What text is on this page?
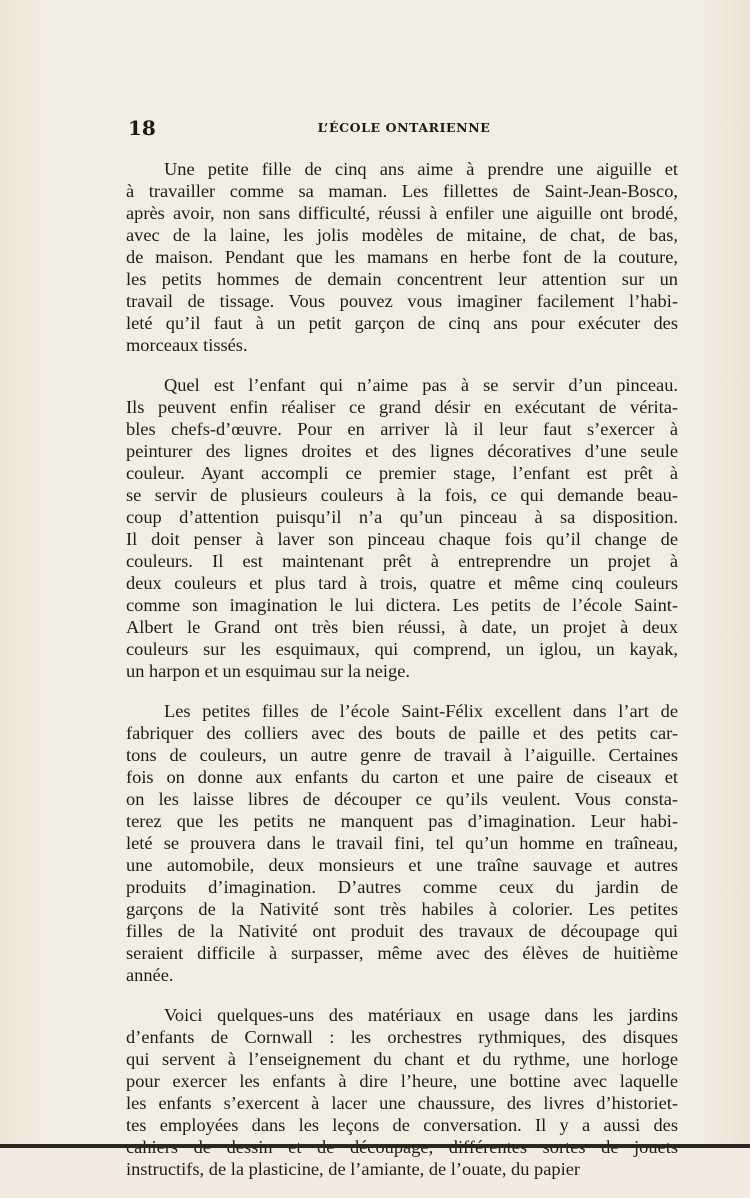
18	L’ÉCOLE ONTARIENNE
Une petite fille de cinq ans aime à prendre une aiguille et
à travailler comme sa maman. Les fillettes de Saint-Jean-Bosco,
après avoir, non sans difficulté, réussi à enfiler une aiguille ont brodé,
avec de la laine, les jolis modèles de mitaine, de chat, de bas,
de maison. Pendant que les mamans en herbe font de la couture,
les petits hommes de demain concentrent leur attention sur un
travail de tissage. Vous pouvez vous imaginer facilement l’habi-
leté qu’il faut à un petit garçon de cinq ans pour exécuter des
morceaux tissés.
Quel est l’enfant qui n’aime pas à se servir d’un pinceau.
Ils peuvent enfin réaliser ce grand désir en exécutant de vérita-
bles chefs-d’œuvre. Pour en arriver là il leur faut s’exercer à
peinturer des lignes droites et des lignes décoratives d’une seule
couleur. Ayant accompli ce premier stage, l’enfant est prêt à
se servir de plusieurs couleurs à la fois, ce qui demande beau-
coup d’attention puisqu’il n’a qu’un pinceau à sa disposition.
Il doit penser à laver son pinceau chaque fois qu’il change de
couleurs. Il est maintenant prêt à entreprendre un projet à
deux couleurs et plus tard à trois, quatre et même cinq couleurs
comme son imagination le lui dictera. Les petits de l’école Saint-
Albert le Grand ont très bien réussi, à date, un projet à deux
couleurs sur les esquimaux, qui comprend, un iglou, un kayak,
un harpon et un esquimau sur la neige.
Les petites filles de l’école Saint-Félix excellent dans l’art de
fabriquer des colliers avec des bouts de paille et des petits car-
tons de couleurs, un autre genre de travail à l’aiguille. Certaines
fois on donne aux enfants du carton et une paire de ciseaux et
on les laisse libres de découper ce qu’ils veulent. Vous consta-
terez que les petits ne manquent pas d’imagination. Leur habi-
leté se prouvera dans le travail fini, tel qu’un homme en traîneau,
une automobile, deux monsieurs et une traîne sauvage et autres
produits d’imagination. D’autres comme ceux du jardin de
garçons de la Nativité sont très habiles à colorier. Les petites
filles de la Nativité ont produit des travaux de découpage qui
seraient difficile à surpasser, même avec des élèves de huitième
année.
Voici quelques-uns des matériaux en usage dans les jardins
d’enfants de Cornwall : les orchestres rythmiques, des disques
qui servent à l’enseignement du chant et du rythme, une horloge
pour exercer les enfants à dire l’heure, une bottine avec laquelle
les enfants s’exercent à lacer une chaussure, des livres d’historiet-
tes employées dans les leçons de conversation. Il y a aussi des
instructifs, de la plasticine, de l’amiante, de l’ouate, du papier
